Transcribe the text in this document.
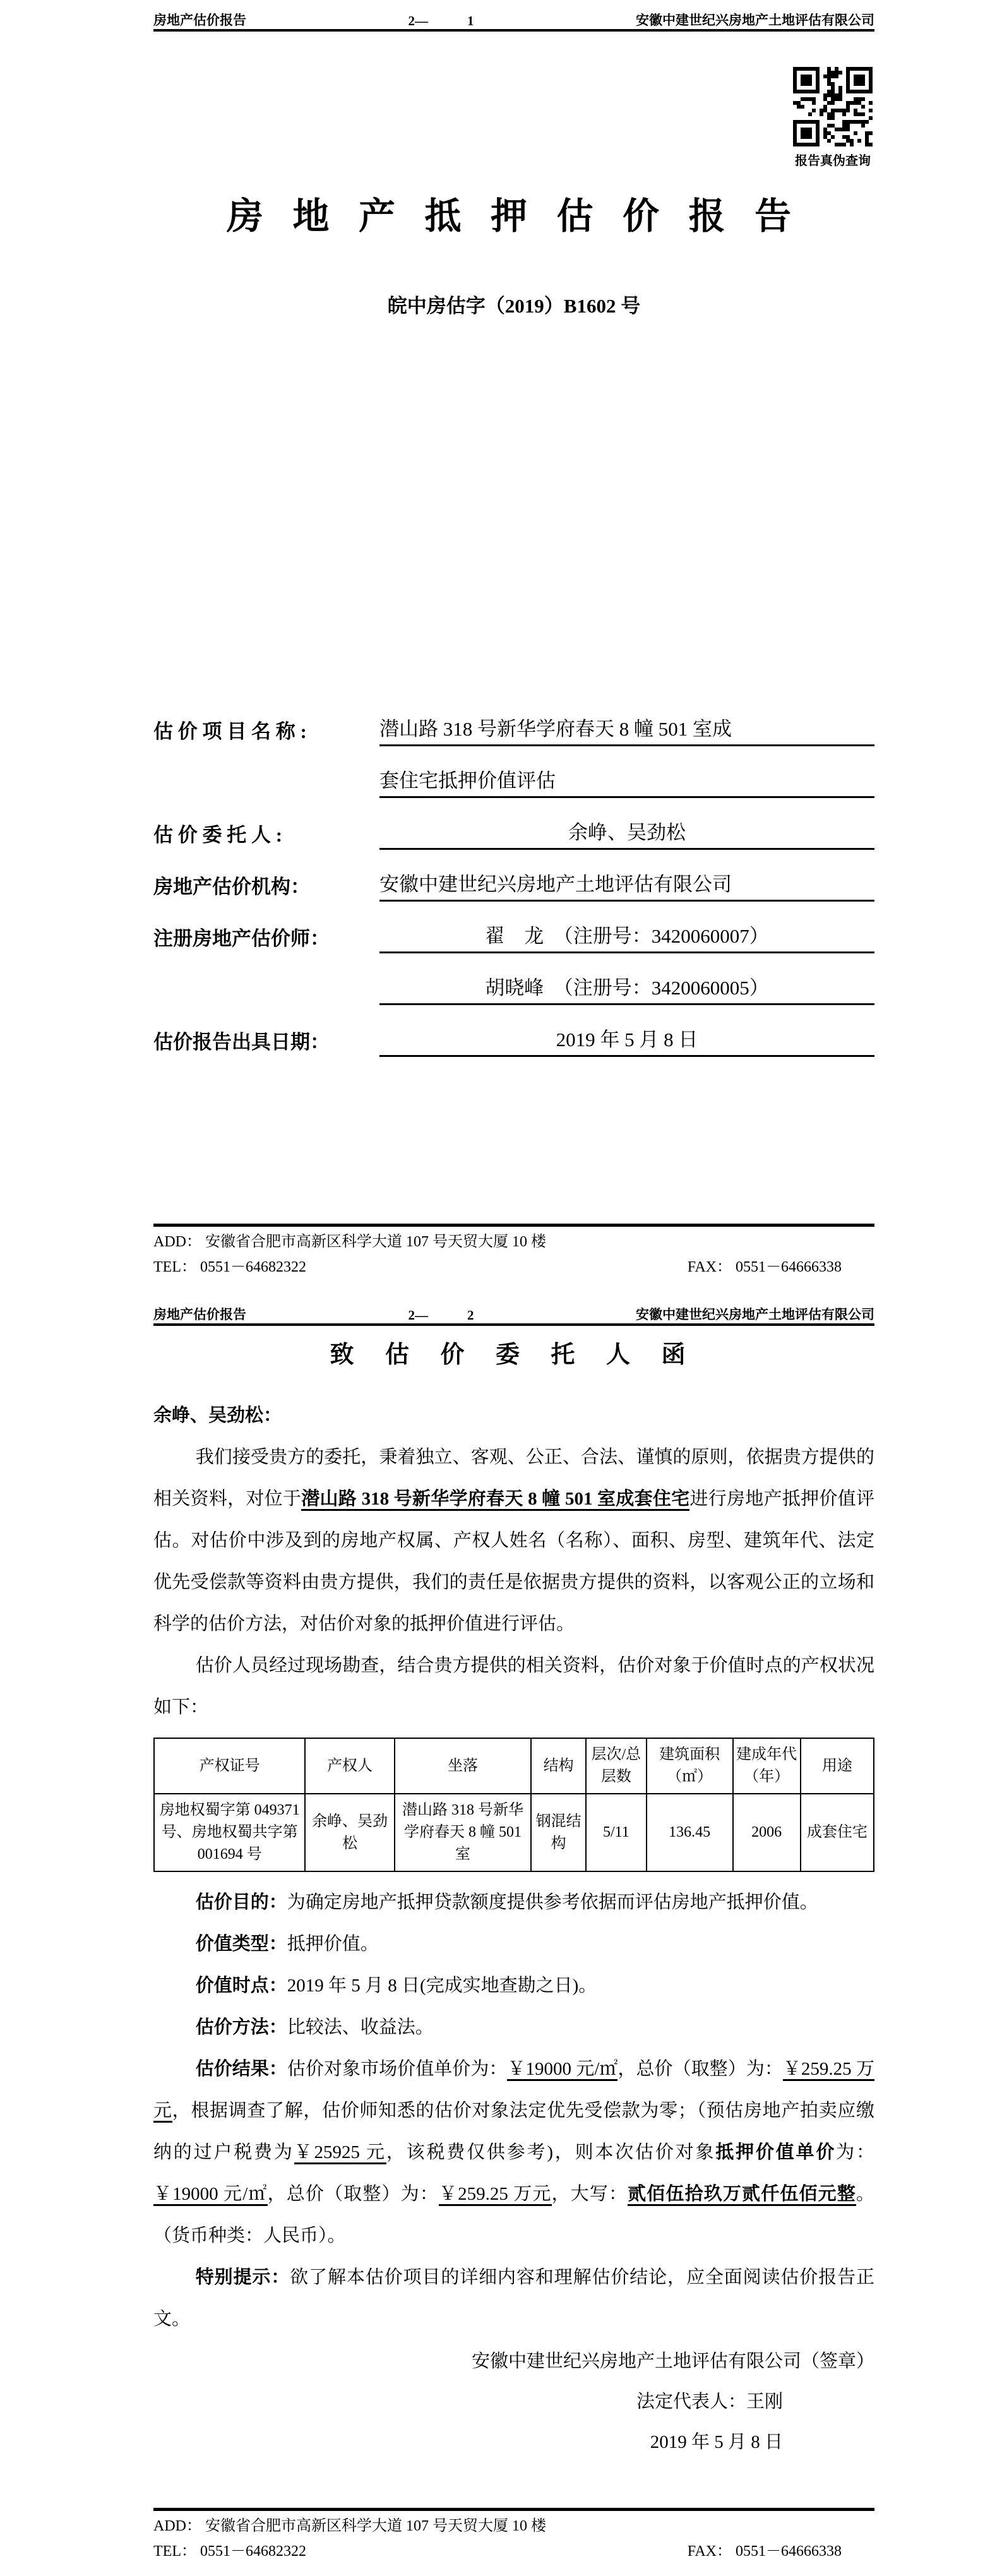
房地产估价报告	2—	1	安徽中建世纪兴房地产土地评估有限公司
报告真伪查询
房 地 产 抵 押 估 价 报 告
皖中房估字（2019）B1602 号
估 价 项 目 名 称 :	潜山路 318 号新华学府春天 8 幢 501 室成
套住宅抵押价值评估
估 价 委 托 人 :	余峥、吴劲松
房地产估价机构：	安徽中建世纪兴房地产土地评估有限公司
注册房地产估价师：	翟　龙　（注册号：3420060007）
胡晓峰　（注册号：3420060005）
估价报告出具日期：	2019 年 5 月 8 日
ADD： 安徽省合肥市高新区科学大道 107 号天贸大厦 10 楼
TEL： 0551－64682322	FAX： 0551－64666338
房地产估价报告	2—	2	安徽中建世纪兴房地产土地评估有限公司
致 估 价 委 托 人 函
余峥、吴劲松：
我们接受贵方的委托，秉着独立、客观、公正、合法、谨慎的原则，依据贵方提供的相关资料，对位于潜山路 318 号新华学府春天 8 幢 501 室成套住宅进行房地产抵押价值评估。对估价中涉及到的房地产权属、产权人姓名（名称）、面积、房型、建筑年代、法定优先受偿款等资料由贵方提供，我们的责任是依据贵方提供的资料，以客观公正的立场和科学的估价方法，对估价对象的抵押价值进行评估。
估价人员经过现场勘查，结合贵方提供的相关资料，估价对象于价值时点的产权状况如下：
产权证号	产权人	坐落	结构	层次/总层数	建筑面积（㎡）	建成年代（年）	用途
房地权蜀字第 049371 号、房地权蜀共字第 001694 号	余峥、吴劲松	潜山路 318 号新华学府春天 8 幢 501 室	钢混结构	5/11	136.45	2006	成套住宅
估价目的：为确定房地产抵押贷款额度提供参考依据而评估房地产抵押价值。
价值类型：抵押价值。
价值时点：2019 年 5 月 8 日(完成实地查勘之日)。
估价方法：比较法、收益法。
估价结果：估价对象市场价值单价为：￥19000 元/㎡，总价（取整）为：￥259.25 万元，根据调查了解，估价师知悉的估价对象法定优先受偿款为零；（预估房地产拍卖应缴纳的过户税费为￥25925 元，该税费仅供参考)，则本次估价对象抵押价值单价为：￥19000 元/㎡，总价（取整）为：￥259.25 万元，大写：贰佰伍拾玖万贰仟伍佰元整。（货币种类：人民币）。
特别提示：欲了解本估价项目的详细内容和理解估价结论，应全面阅读估价报告正文。
安徽中建世纪兴房地产土地评估有限公司（签章）
法定代表人：王刚
2019 年 5 月 8 日
ADD： 安徽省合肥市高新区科学大道 107 号天贸大厦 10 楼
TEL： 0551－64682322	FAX： 0551－64666338
